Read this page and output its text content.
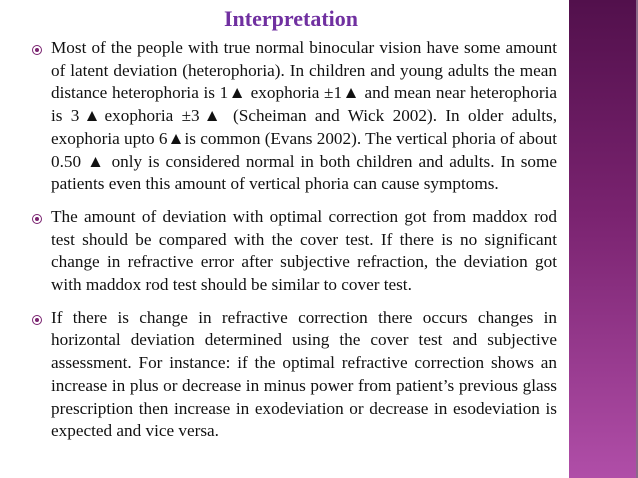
Interpretation
Most of the people with true normal binocular vision have some amount of latent deviation (heterophoria). In children and young adults the mean distance heterophoria is 1▲ exophoria ±1▲ and mean near heterophoria is 3▲exophoria ±3▲ (Scheiman and Wick 2002). In older adults, exophoria upto 6▲is common (Evans 2002). The vertical phoria of about 0.50 ▲ only is considered normal in both children and adults. In some patients even this amount of vertical phoria can cause symptoms.
The amount of deviation with optimal correction got from maddox rod test should be compared with the cover test. If there is no significant change in refractive error after subjective refraction, the deviation got with maddox rod test should be similar to cover test.
If there is change in refractive correction there occurs changes in horizontal deviation determined using the cover test and subjective assessment. For instance: if the optimal refractive correction shows an increase in plus or decrease in minus power from patient’s previous glass prescription then increase in exodeviation or decrease in esodeviation is expected and vice versa.
